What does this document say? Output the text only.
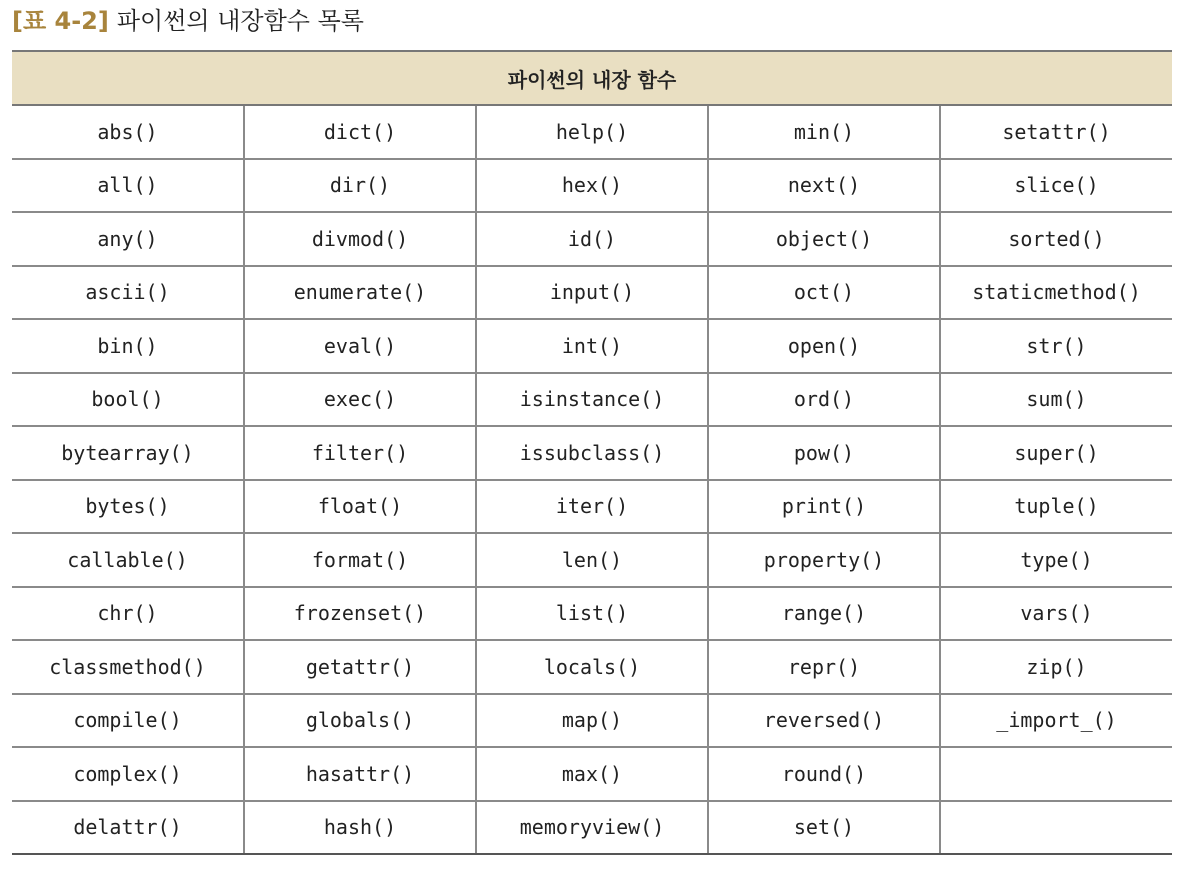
[표 4-2] 파이썬의 내장함수 목록
파이썬의 내장 함수				
abs()	dict()	help()	min()	setattr()
all()	dir()	hex()	next()	slice()
any()	divmod()	id()	object()	sorted()
ascii()	enumerate()	input()	oct()	staticmethod()
bin()	eval()	int()	open()	str()
bool()	exec()	isinstance()	ord()	sum()
bytearray()	filter()	issubclass()	pow()	super()
bytes()	float()	iter()	print()	tuple()
callable()	format()	len()	property()	type()
chr()	frozenset()	list()	range()	vars()
classmethod()	getattr()	locals()	repr()	zip()
compile()	globals()	map()	reversed()	_import_()
complex()	hasattr()	max()	round()	
delattr()	hash()	memoryview()	set()	
